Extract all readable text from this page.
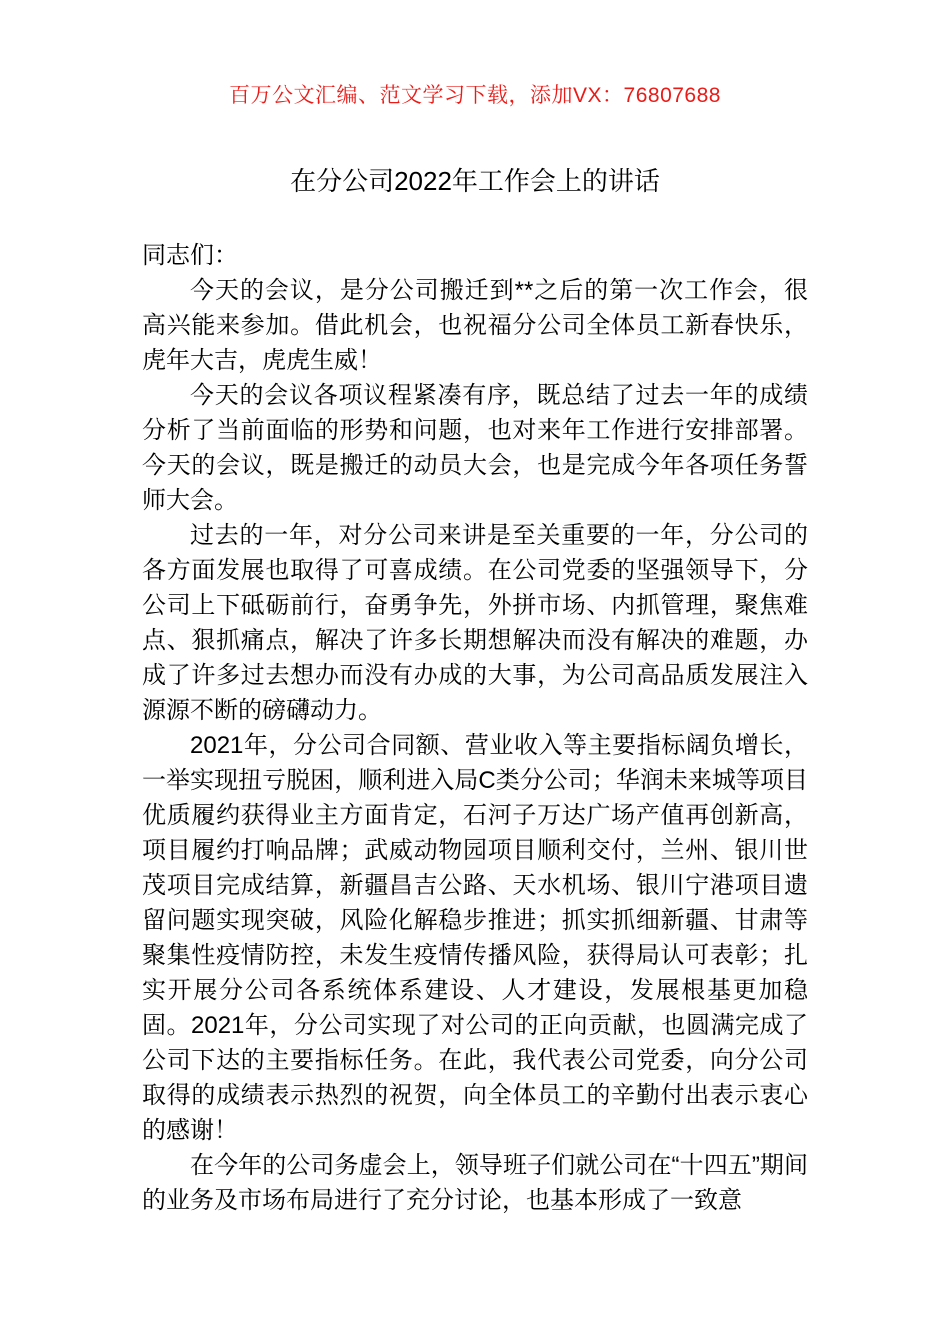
百万公文汇编、范文学习下载，添加VX：76807688
在分公司2022年工作会上的讲话

同志们：

今天的会议，是分公司搬迁到**之后的第一次工作会，很高兴能来参加。借此机会，也祝福分公司全体员工新春快乐，虎年大吉，虎虎生威！

今天的会议各项议程紧凑有序，既总结了过去一年的成绩分析了当前面临的形势和问题，也对来年工作进行安排部署。今天的会议，既是搬迁的动员大会，也是完成今年各项任务誓师大会。

过去的一年，对分公司来讲是至关重要的一年，分公司的各方面发展也取得了可喜成绩。在公司党委的坚强领导下，分公司上下砥砺前行，奋勇争先，外拼市场、内抓管理，聚焦难点、狠抓痛点，解决了许多长期想解决而没有解决的难题，办成了许多过去想办而没有办成的大事，为公司高品质发展注入源源不断的磅礴动力。

2021年，分公司合同额、营业收入等主要指标阔负增长，一举实现扭亏脱困，顺利进入局C类分公司；华润未来城等项目优质履约获得业主方面肯定，石河子万达广场产值再创新高，项目履约打响品牌；武威动物园项目顺利交付，兰州、银川世茂项目完成结算，新疆昌吉公路、天水机场、银川宁港项目遗留问题实现突破，风险化解稳步推进；抓实抓细新疆、甘肃等聚集性疫情防控，未发生疫情传播风险，获得局认可表彰；扎实开展分公司各系统体系建设、人才建设，发展根基更加稳固。2021年，分公司实现了对公司的正向贡献，也圆满完成了公司下达的主要指标任务。在此，我代表公司党委，向分公司取得的成绩表示热烈的祝贺，向全体员工的辛勤付出表示衷心的感谢！

在今年的公司务虚会上，领导班子们就公司在“十四五”期间的业务及市场布局进行了充分讨论，也基本形成了一致意
